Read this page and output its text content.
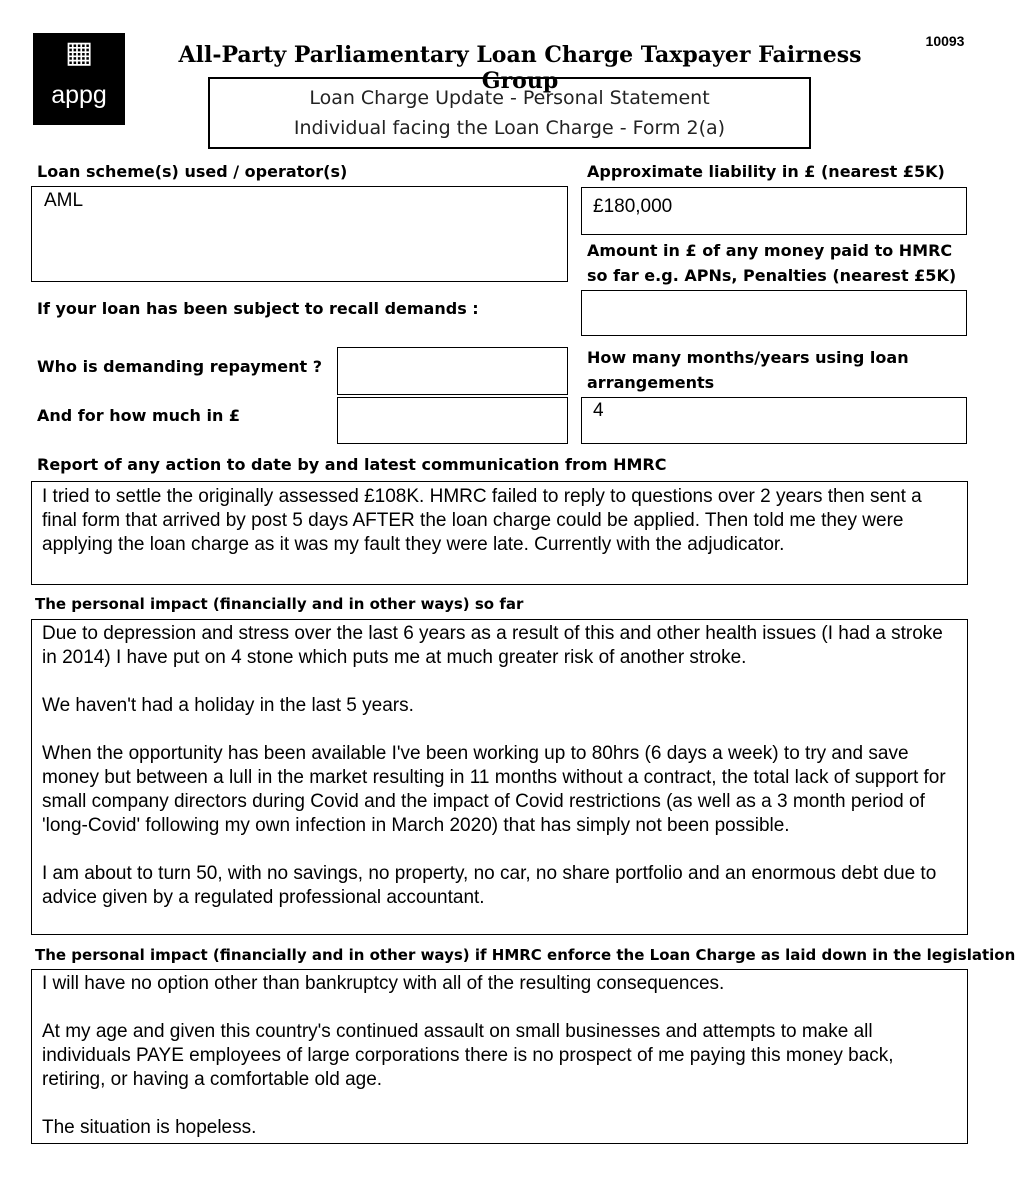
▦
appg
All-Party Parliamentary Loan Charge Taxpayer Fairness Group
10093
Loan Charge Update - Personal Statement
Individual facing the Loan Charge - Form 2(a)
Loan scheme(s) used / operator(s)
AML
Approximate liability in £ (nearest £5K)
£180,000
Amount in £ of any money paid to HMRC
so far e.g. APNs, Penalties (nearest £5K)
If your loan has been subject to recall demands :
Who is demanding repayment ?
And for how much in £
How many months/years using loan
arrangements
4
Report of any action to date by and latest communication from HMRC

I tried to settle the originally assessed £108K. HMRC failed to reply to questions over 2 years then sent a final form that arrived by post 5 days AFTER the loan charge could be applied. Then told me they were applying the loan charge as it was my fault they were late. Currently with the adjudicator.

The personal impact (financially and in other ways) so far

Due to depression and stress over the last 6 years as a result of this and other health issues (I had a stroke in 2014) I have put on 4 stone which puts me at much greater risk of another stroke.

We haven't had a holiday in the last 5 years.

When the opportunity has been available I've been working up to 80hrs (6 days a week) to try and save money but between a lull in the market resulting in 11 months without a contract, the total lack of support for small company directors during Covid and the impact of Covid restrictions (as well as a 3 month period of 'long-Covid' following my own infection in March 2020) that has simply not been possible.

I am about to turn 50, with no savings, no property, no car, no share portfolio and an enormous debt due to advice given by a regulated professional accountant.

The personal impact (financially and in other ways) if HMRC enforce the Loan Charge as laid down in the legislation

I will have no option other than bankruptcy with all of the resulting consequences.

At my age and given this country's continued assault on small businesses and attempts to make all individuals PAYE employees of large corporations there is no prospect of me paying this money back, retiring, or having a comfortable old age.

The situation is hopeless.
